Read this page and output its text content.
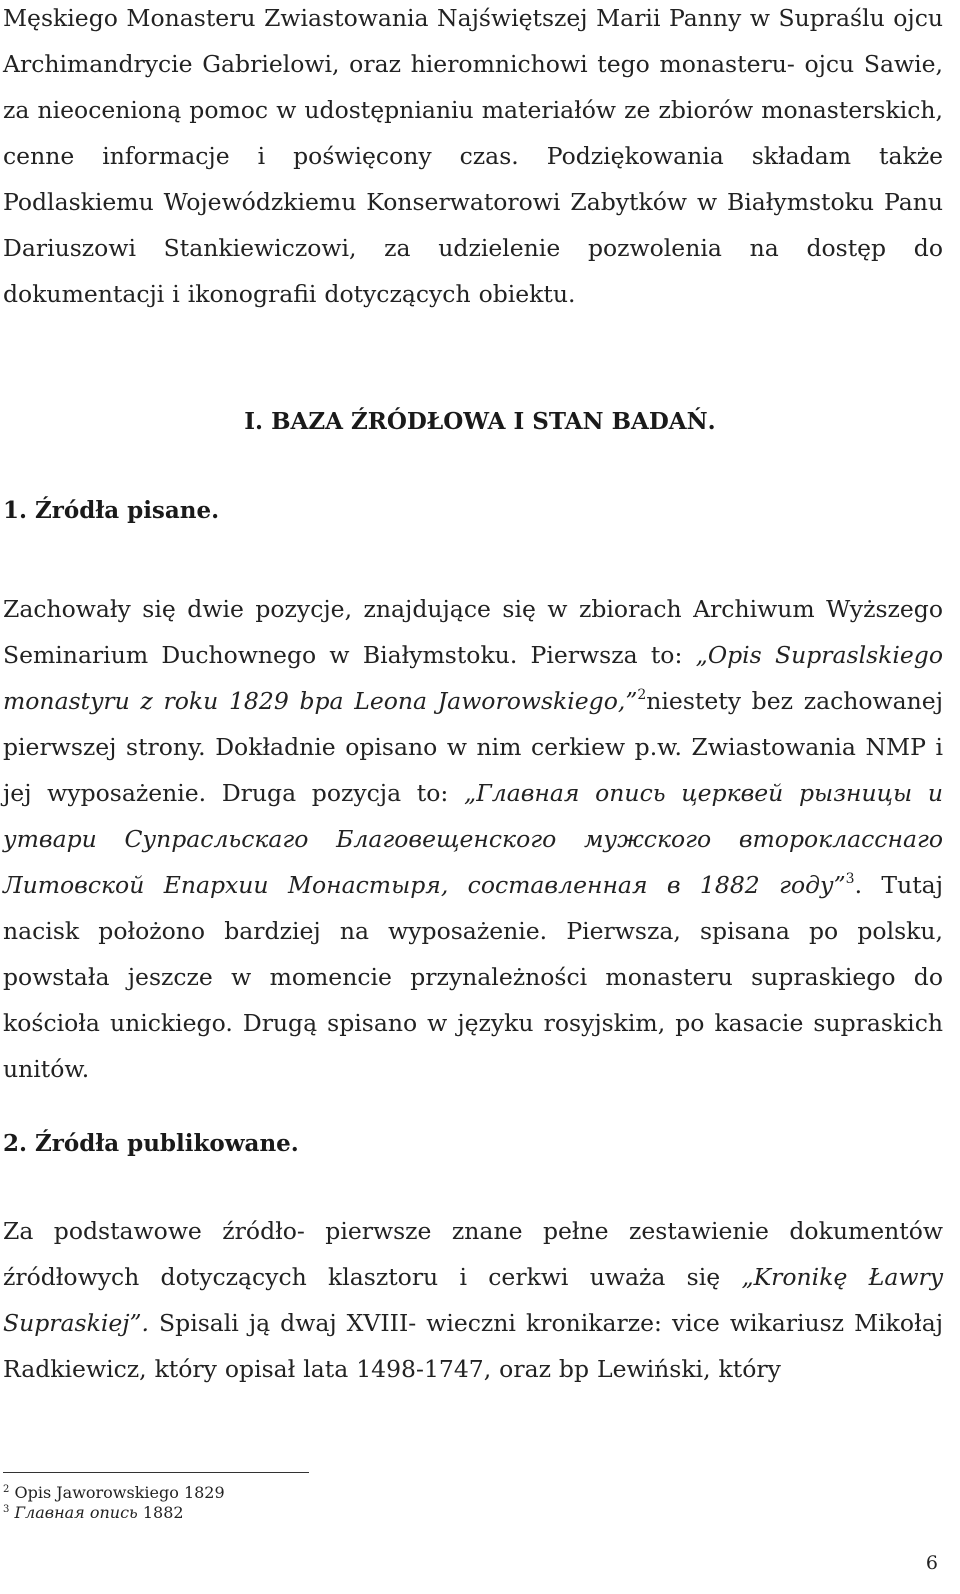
Męskiego Monasteru Zwiastowania Najświętszej Marii Panny w Supraślu ojcu Archimandrycie Gabrielowi, oraz hieromnichowi tego monasteru- ojcu Sawie, za nieocenioną pomoc w udostępnianiu materiałów ze zbiorów monasterskich, cenne informacje i poświęcony czas. Podziękowania składam także Podlaskiemu Wojewódzkiemu Konserwatorowi Zabytków w Białymstoku Panu Dariuszowi Stankiewiczowi, za udzielenie pozwolenia na dostęp do dokumentacji i ikonografii dotyczących obiektu.

I. BAZA ŹRÓDŁOWA I STAN BADAŃ.
1. Źródła pisane.

Zachowały się dwie pozycje, znajdujące się w zbiorach Archiwum Wyższego Seminarium Duchownego w Białymstoku. Pierwsza to: „Opis Supraslskiego monastyru z roku 1829 bpa Leona Jaworowskiego,”$^2$niestety bez zachowanej pierwszej strony. Dokładnie opisano w nim cerkiew p.w. Zwiastowania NMP i jej wyposażenie. Druga pozycja to: „Главная опись церквей рызницы и утвари Супрасльскаго Благовещенского мужского второкласснаго Литовской Епархии Монастыря, составленная в 1882 году”$^3$. Tutaj nacisk położono bardziej na wyposażenie. Pierwsza, spisana po polsku, powstała jeszcze w momencie przynależności monasteru supraskiego do kościoła unickiego. Drugą spisano w języku rosyjskim, po kasacie supraskich unitów.

2. Źródła publikowane.

Za podstawowe źródło- pierwsze znane pełne zestawienie dokumentów źródłowych dotyczących klasztoru i cerkwi uważa się „Kronikę Ławry Supraskiej”. Spisali ją dwaj XVIII- wieczni kronikarze: vice wikariusz Mikołaj Radkiewicz, który opisał lata 1498-1747, oraz bp Lewiński, który

$^2$ Opis Jaworowskiego 1829

$^3$ Главная опись 1882

6
